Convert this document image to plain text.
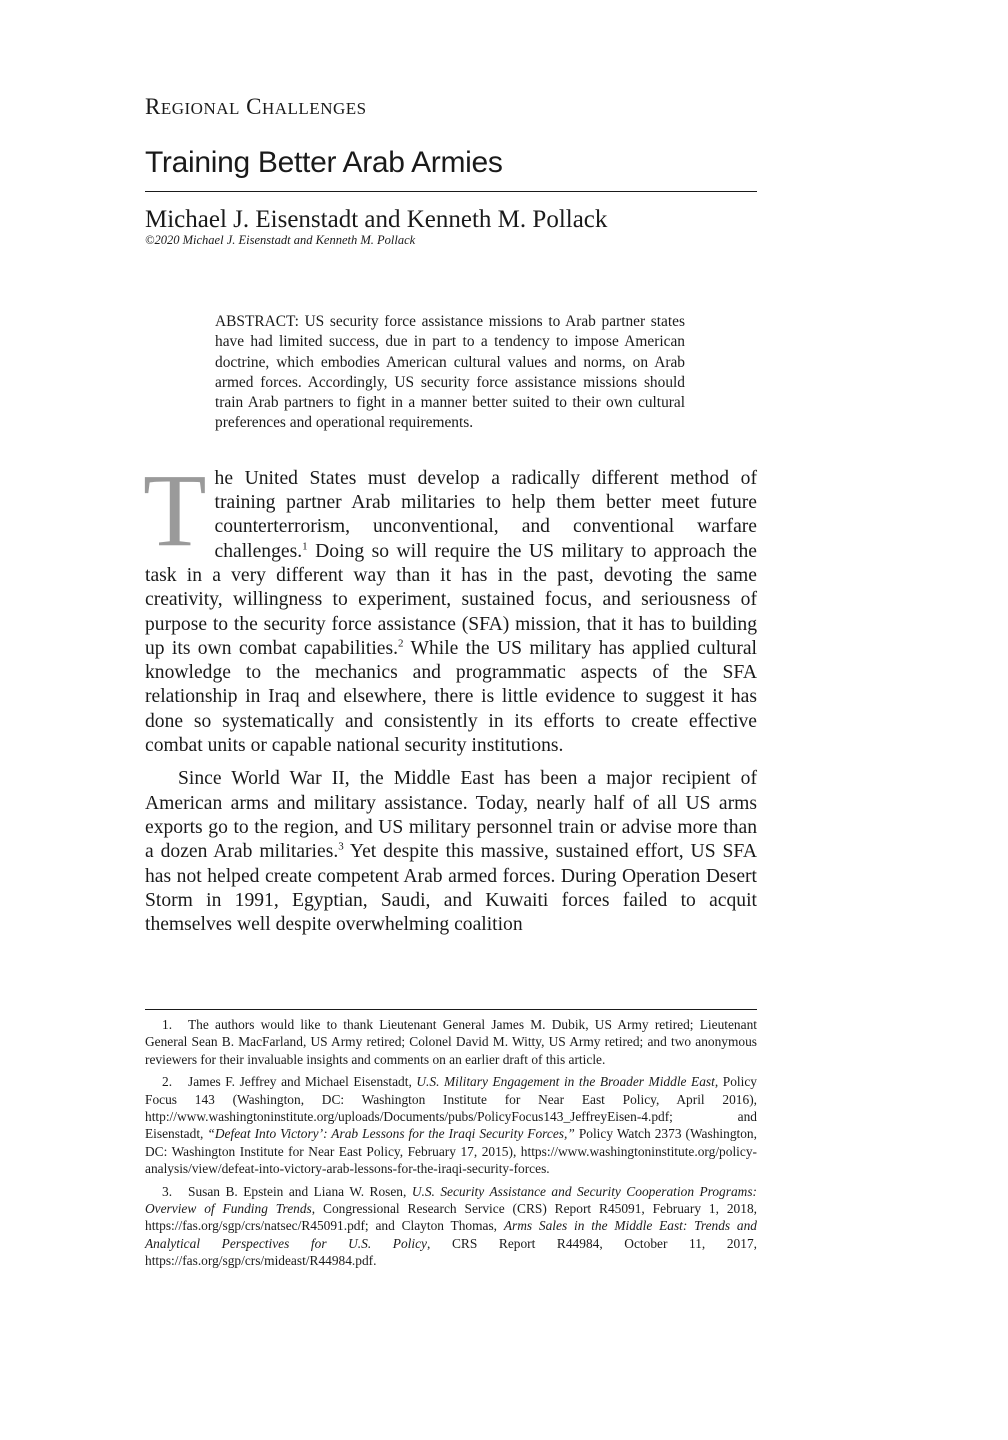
REGIONAL CHALLENGES

Training Better Arab Armies

Michael J. Eisenstadt and Kenneth M. Pollack

©2020 Michael J. Eisenstadt and Kenneth M. Pollack

ABSTRACT: US security force assistance missions to Arab partner states have had limited success, due in part to a tendency to impose American doctrine, which embodies American cultural values and norms, on Arab armed forces. Accordingly, US security force assistance missions should train Arab partners to fight in a manner better suited to their own cultural preferences and operational requirements.

The United States must develop a radically different method of training partner Arab militaries to help them better meet future counterterrorism, unconventional, and conventional warfare challenges.$^1$ Doing so will require the US military to approach the task in a very different way than it has in the past, devoting the same creativity, willingness to experiment, sustained focus, and seriousness of purpose to the security force assistance (SFA) mission, that it has to building up its own combat capabilities.$^2$ While the US military has applied cultural knowledge to the mechanics and programmatic aspects of the SFA relationship in Iraq and elsewhere, there is little evidence to suggest it has done so systematically and consistently in its efforts to create effective combat units or capable national security institutions.

Since World War II, the Middle East has been a major recipient of American arms and military assistance. Today, nearly half of all US arms exports go to the region, and US military personnel train or advise more than a dozen Arab militaries.$^3$ Yet despite this massive, sustained effort, US SFA has not helped create competent Arab armed forces. During Operation Desert Storm in 1991, Egyptian, Saudi, and Kuwaiti forces failed to acquit themselves well despite overwhelming coalition

1. The authors would like to thank Lieutenant General James M. Dubik, US Army retired; Lieutenant General Sean B. MacFarland, US Army retired; Colonel David M. Witty, US Army retired; and two anonymous reviewers for their invaluable insights and comments on an earlier draft of this article.

2. James F. Jeffrey and Michael Eisenstadt, U.S. Military Engagement in the Broader Middle East, Policy Focus 143 (Washington, DC: Washington Institute for Near East Policy, April 2016), http://www.washingtoninstitute.org/uploads/Documents/pubs/PolicyFocus143_JeffreyEisen-4.pdf; and Eisenstadt, “Defeat Into Victory’: Arab Lessons for the Iraqi Security Forces,” Policy Watch 2373 (Washington, DC: Washington Institute for Near East Policy, February 17, 2015), https://www.washingtoninstitute.org/policy-analysis/view/defeat-into-victory-arab-lessons-for-the-iraqi-security-forces.

3. Susan B. Epstein and Liana W. Rosen, U.S. Security Assistance and Security Cooperation Programs: Overview of Funding Trends, Congressional Research Service (CRS) Report R45091, February 1, 2018, https://fas.org/sgp/crs/natsec/R45091.pdf; and Clayton Thomas, Arms Sales in the Middle East: Trends and Analytical Perspectives for U.S. Policy, CRS Report R44984, October 11, 2017, https://fas.org/sgp/crs/mideast/R44984.pdf.
